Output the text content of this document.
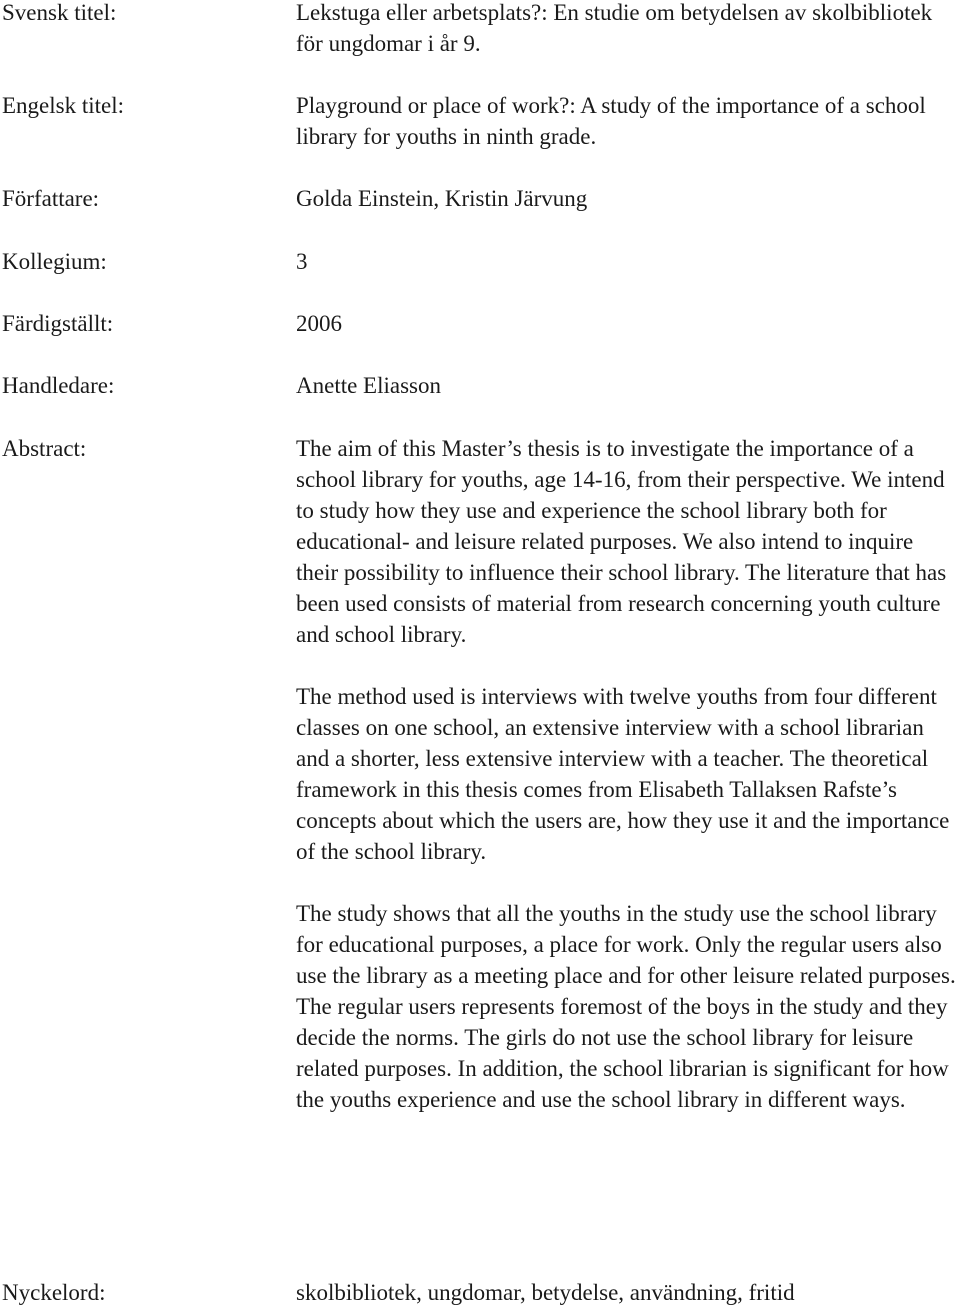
Svensk titel:	Lekstuga eller arbetsplats?: En studie om betydelsen av skolbibliotek för ungdomar i år 9.
Engelsk titel:	Playground or place of work?: A study of the importance of a school library for youths in ninth grade.
Författare:	Golda Einstein, Kristin Järvung
Kollegium:	3
Färdigställt:	2006
Handledare:	Anette Eliasson
Abstract:	The aim of this Master’s thesis is to investigate the importance of a school library for youths, age 14-16, from their perspective. We intend to study how they use and experience the school library both for educational- and leisure related purposes. We also intend to inquire their possibility to influence their school library. The literature that has been used consists of material from research concerning youth culture and school library.

The method used is interviews with twelve youths from four different classes on one school, an extensive interview with a school librarian and a shorter, less extensive interview with a teacher. The theoretical framework in this thesis comes from Elisabeth Tallaksen Rafste’s concepts about which the users are, how they use it and the importance of the school library.

The study shows that all the youths in the study use the school library for educational purposes, a place for work. Only the regular users also use the library as a meeting place and for other leisure related purposes. The regular users represents foremost of the boys in the study and they decide the norms. The girls do not use the school library for leisure related purposes. In addition, the school librarian is significant for how the youths experience and use the school library in different ways.

Nyckelord:	skolbibliotek, ungdomar, betydelse, användning, fritid
